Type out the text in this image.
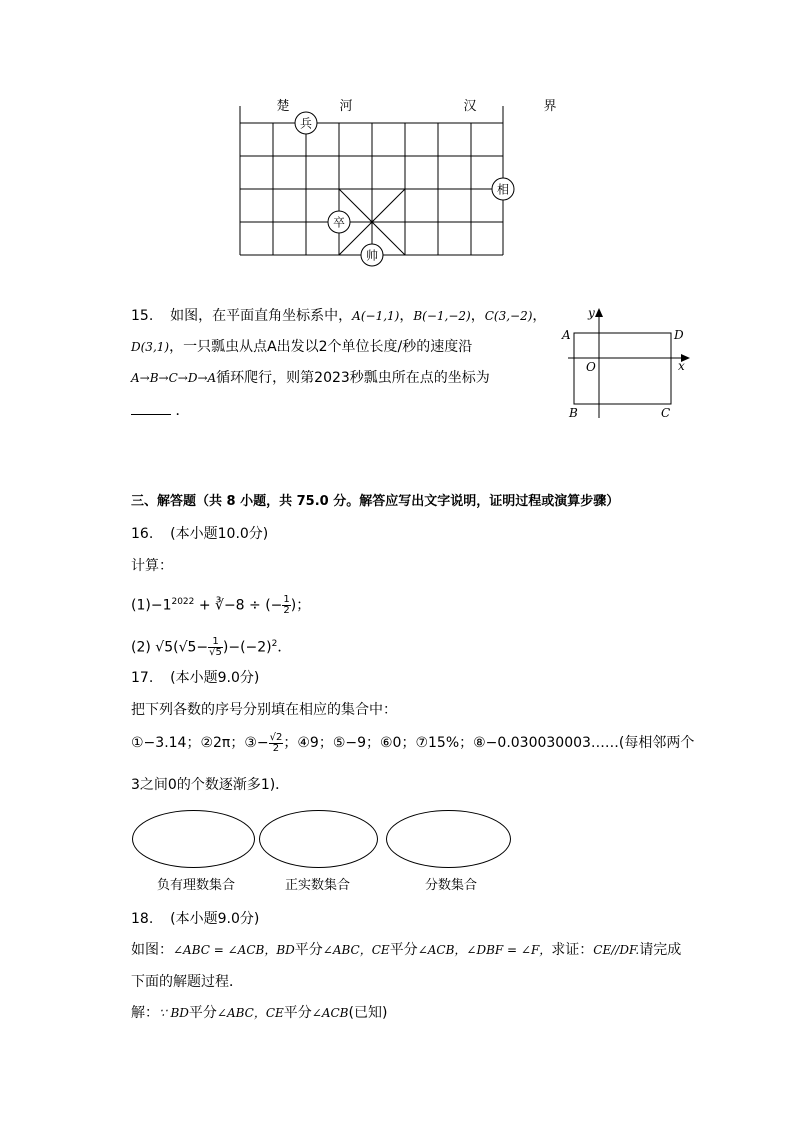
楚	河	汉	界
兵
相
卒
帅
15. 如图，在平面直角坐标系中，A(−1,1)，B(−1,−2)，C(3,−2)，
D(3,1)，一只瓢虫从点A出发以2个单位长度/秒的速度沿
A→B→C→D→A循环爬行，则第2023秒瓢虫所在点的坐标为
．
y
x
O
A
B	C
D
三、解答题（共 8 小题，共 75.0 分。解答应写出文字说明，证明过程或演算步骤）
16. (本小题10.0分)
计算：
$(1)-1^{2022}$ + ∛−8 ÷ (− $\frac{1}{2}$ )；
(2) $√5(√5- \frac{1}{√5} )-(-2)^2$．
17. (本小题9.0分)
把下列各数的序号分别填在相应的集合中：
①−3.14；②2π；③− $\frac{√2}{2}$ ；④9；⑤−9；⑥0；⑦15%；⑧−0.030030003……(每相邻两个
3之间0的个数逐渐多1)．
负有理数集合	正实数集合	分数集合
18. (本小题9.0分)
如图：∠ABC = ∠ACB，BD平分∠ABC，CE平分∠ACB，∠DBF = ∠F，求证：CE//DF.请完成
下面的解题过程．
解：∵ BD平分∠ABC，CE平分∠ACB(已知)
